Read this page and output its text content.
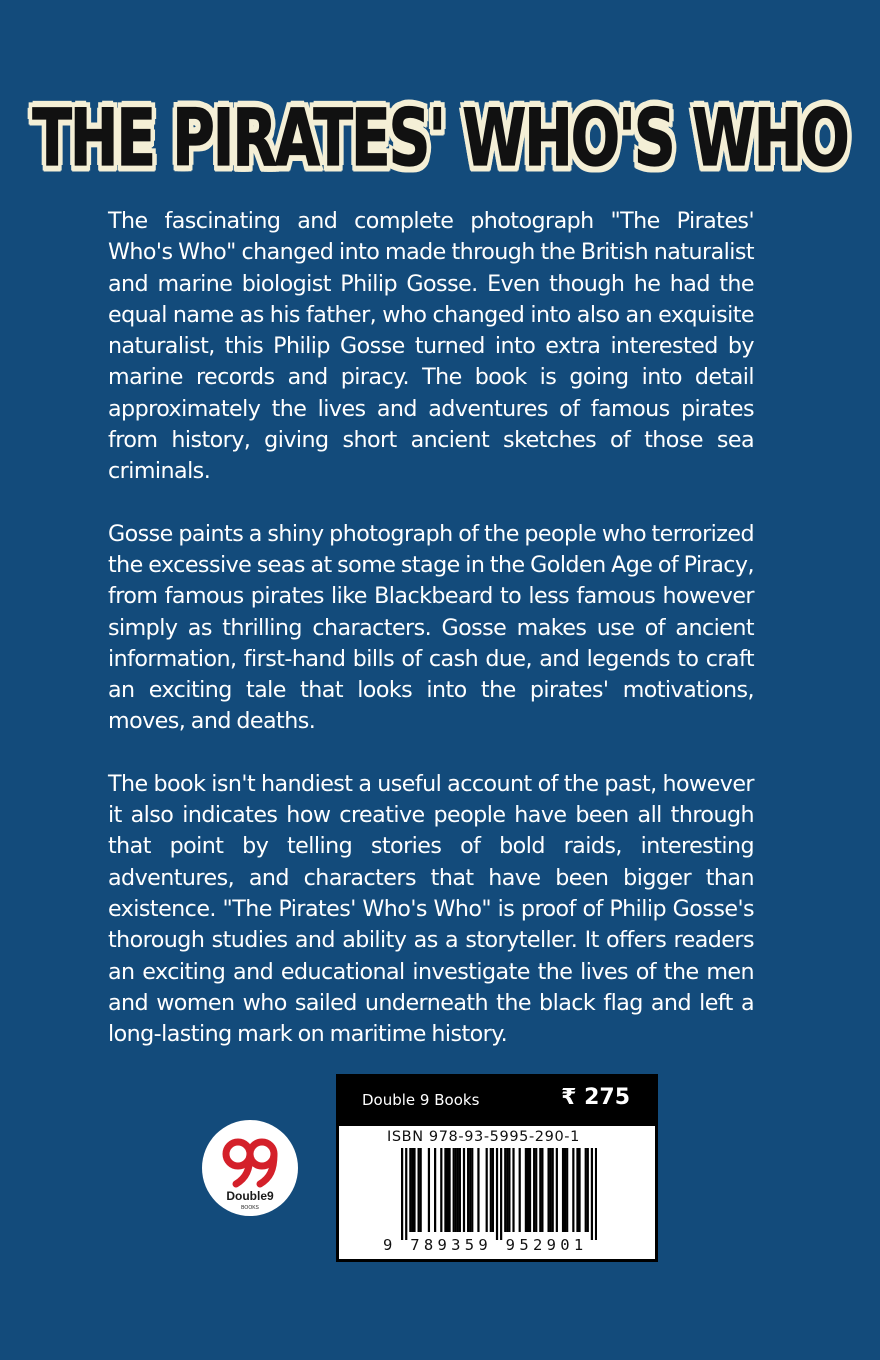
THE PIRATES' WHO'S WHO

The fascinating and complete photograph "The Pirates' Who's Who" changed into made through the British naturalist and marine biologist Philip Gosse. Even though he had the equal name as his father, who changed into also an exquisite naturalist, this Philip Gosse turned into extra interested by marine records and piracy. The book is going into detail approximately the lives and adventures of famous pirates from history, giving short ancient sketches of those sea criminals.

Gosse paints a shiny photograph of the people who terrorized the excessive seas at some stage in the Golden Age of Piracy, from famous pirates like Blackbeard to less famous however simply as thrilling characters. Gosse makes use of ancient information, first-hand bills of cash due, and legends to craft an exciting tale that looks into the pirates' motivations, moves, and deaths.

The book isn't handiest a useful account of the past, however it also indicates how creative people have been all through that point by telling stories of bold raids, interesting adventures, and characters that have been bigger than existence. "The Pirates' Who's Who" is proof of Philip Gosse's thorough studies and ability as a storyteller. It offers readers an exciting and educational investigate the lives of the men and women who sailed underneath the black flag and left a long-lasting mark on maritime history.

Double9
BOOKS
Double 9 Books	₹ 275
ISBN 978-93-5995-290-1
9 789359 952901
